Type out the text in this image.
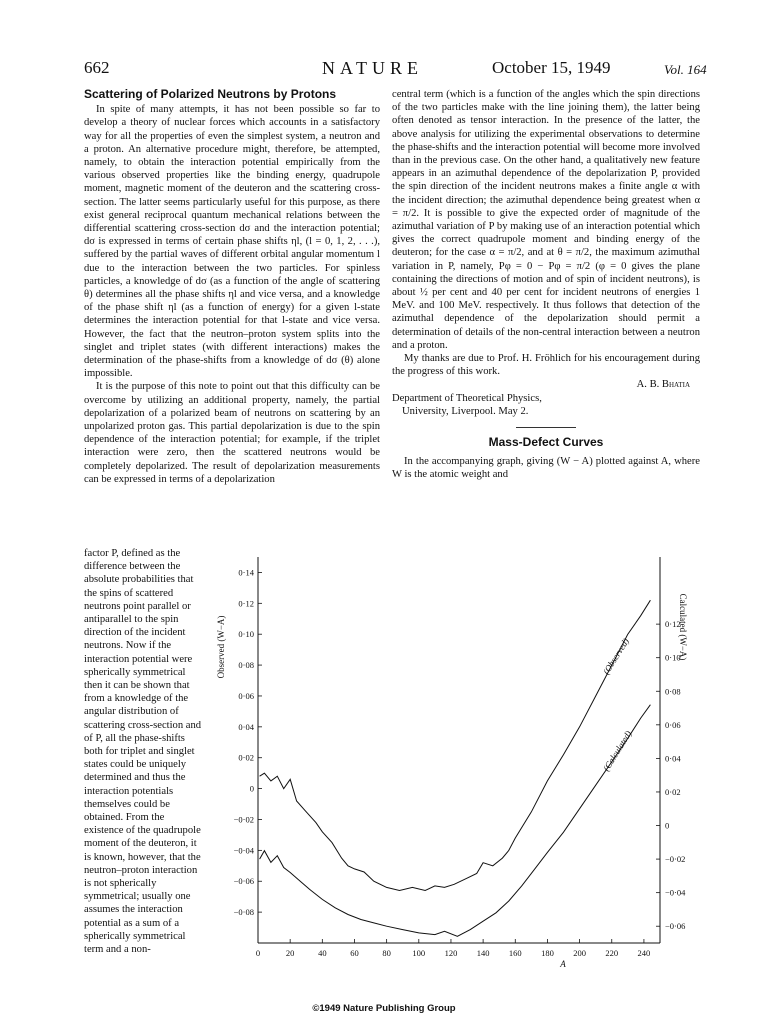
662	NATURE	October 15, 1949	Vol. 164
Scattering of Polarized Neutrons by Protons

In spite of many attempts, it has not been possible so far to develop a theory of nuclear forces which accounts in a satisfactory way for all the properties of even the simplest system, a neutron and a proton. An alternative procedure might, therefore, be attempted, namely, to obtain the interaction potential empirically from the various observed properties like the binding energy, quadrupole moment, magnetic moment of the deuteron and the scattering cross-section. The latter seems particularly useful for this purpose, as there exist general reciprocal quantum mechanical relations between the differential scattering cross-section dσ and the interaction potential; dσ is expressed in terms of certain phase shifts ηl, (l = 0, 1, 2, . . .), suffered by the partial waves of different orbital angular momentum l due to the interaction between the two particles. For spinless particles, a knowledge of dσ (as a function of the angle of scattering θ) determines all the phase shifts ηl and vice versa, and a knowledge of the phase shift ηl (as a function of energy) for a given l-state determines the interaction potential for that l-state and vice versa. However, the fact that the neutron–proton system splits into the singlet and triplet states (with different interactions) makes the determination of the phase-shifts from a knowledge of dσ (θ) alone impossible.

It is the purpose of this note to point out that this difficulty can be overcome by utilizing an additional property, namely, the partial depolarization of a polarized beam of neutrons on scattering by an unpolarized proton gas. This partial depolarization is due to the spin dependence of the interaction potential; for example, if the triplet interaction were zero, then the scattered neutrons would be completely depolarized. The result of depolarization measurements can be expressed in terms of a depolarization

factor P, defined as the difference between the absolute probabilities that the spins of scattered neutrons point parallel or antiparallel to the spin direction of the incident neutrons. Now if the interaction potential were spherically symmetrical then it can be shown that from a knowledge of the angular distribution of scattering cross-section and of P, all the phase-shifts both for triplet and singlet states could be uniquely determined and thus the interaction potentials themselves could be obtained. From the existence of the quadrupole moment of the deuteron, it is known, however, that the neutron–proton interaction is not spherically symmetrical; usually one assumes the interaction potential as a sum of a spherically symmetrical term and a non-

central term (which is a function of the angles which the spin directions of the two particles make with the line joining them), the latter being often denoted as tensor interaction. In the presence of the latter, the above analysis for utilizing the experimental observations to determine the phase-shifts and the interaction potential will become more involved than in the previous case. On the other hand, a qualitatively new feature appears in an azimuthal dependence of the depolarization P, provided the spin direction of the incident neutrons makes a finite angle α with the incident direction; the azimuthal dependence being greatest when α = π/2. It is possible to give the expected order of magnitude of the azimuthal variation of P by making use of an interaction potential which gives the correct quadrupole moment and binding energy of the deuteron; for the case α = π/2, and at θ = π/2, the maximum azimuthal variation in P, namely, Pφ = 0 − Pφ = π/2 (φ = 0 gives the plane containing the directions of motion and of spin of incident neutrons), is about ½ per cent and 40 per cent for incident neutrons of energies 1 MeV. and 100 MeV. respectively. It thus follows that detection of the azimuthal dependence of the depolarization should permit a determination of details of the non-central interaction between a neutron and a proton.

My thanks are due to Prof. H. Fröhlich for his encouragement during the progress of this work.

A. B. Bhatia

Department of Theoretical Physics,

University, Liverpool. May 2.

Mass-Defect Curves

In the accompanying graph, giving (W − A) plotted against A, where W is the atomic weight and

0	20	40	60	80	100 120 140 160 180 200 220 240
0·14
0·12
0·10
0·08
0·06
0·04
0·02
0
−0·02
−0·04
−0·06
−0·08
0·12
0·10
0·08
0·06
0·04
0·02
0
−0·02
−0·04
−0·06
A
Observed (W−A)	Calculated (W−A)
(Observed)
(Calculated)
©1949 Nature Publishing Group
